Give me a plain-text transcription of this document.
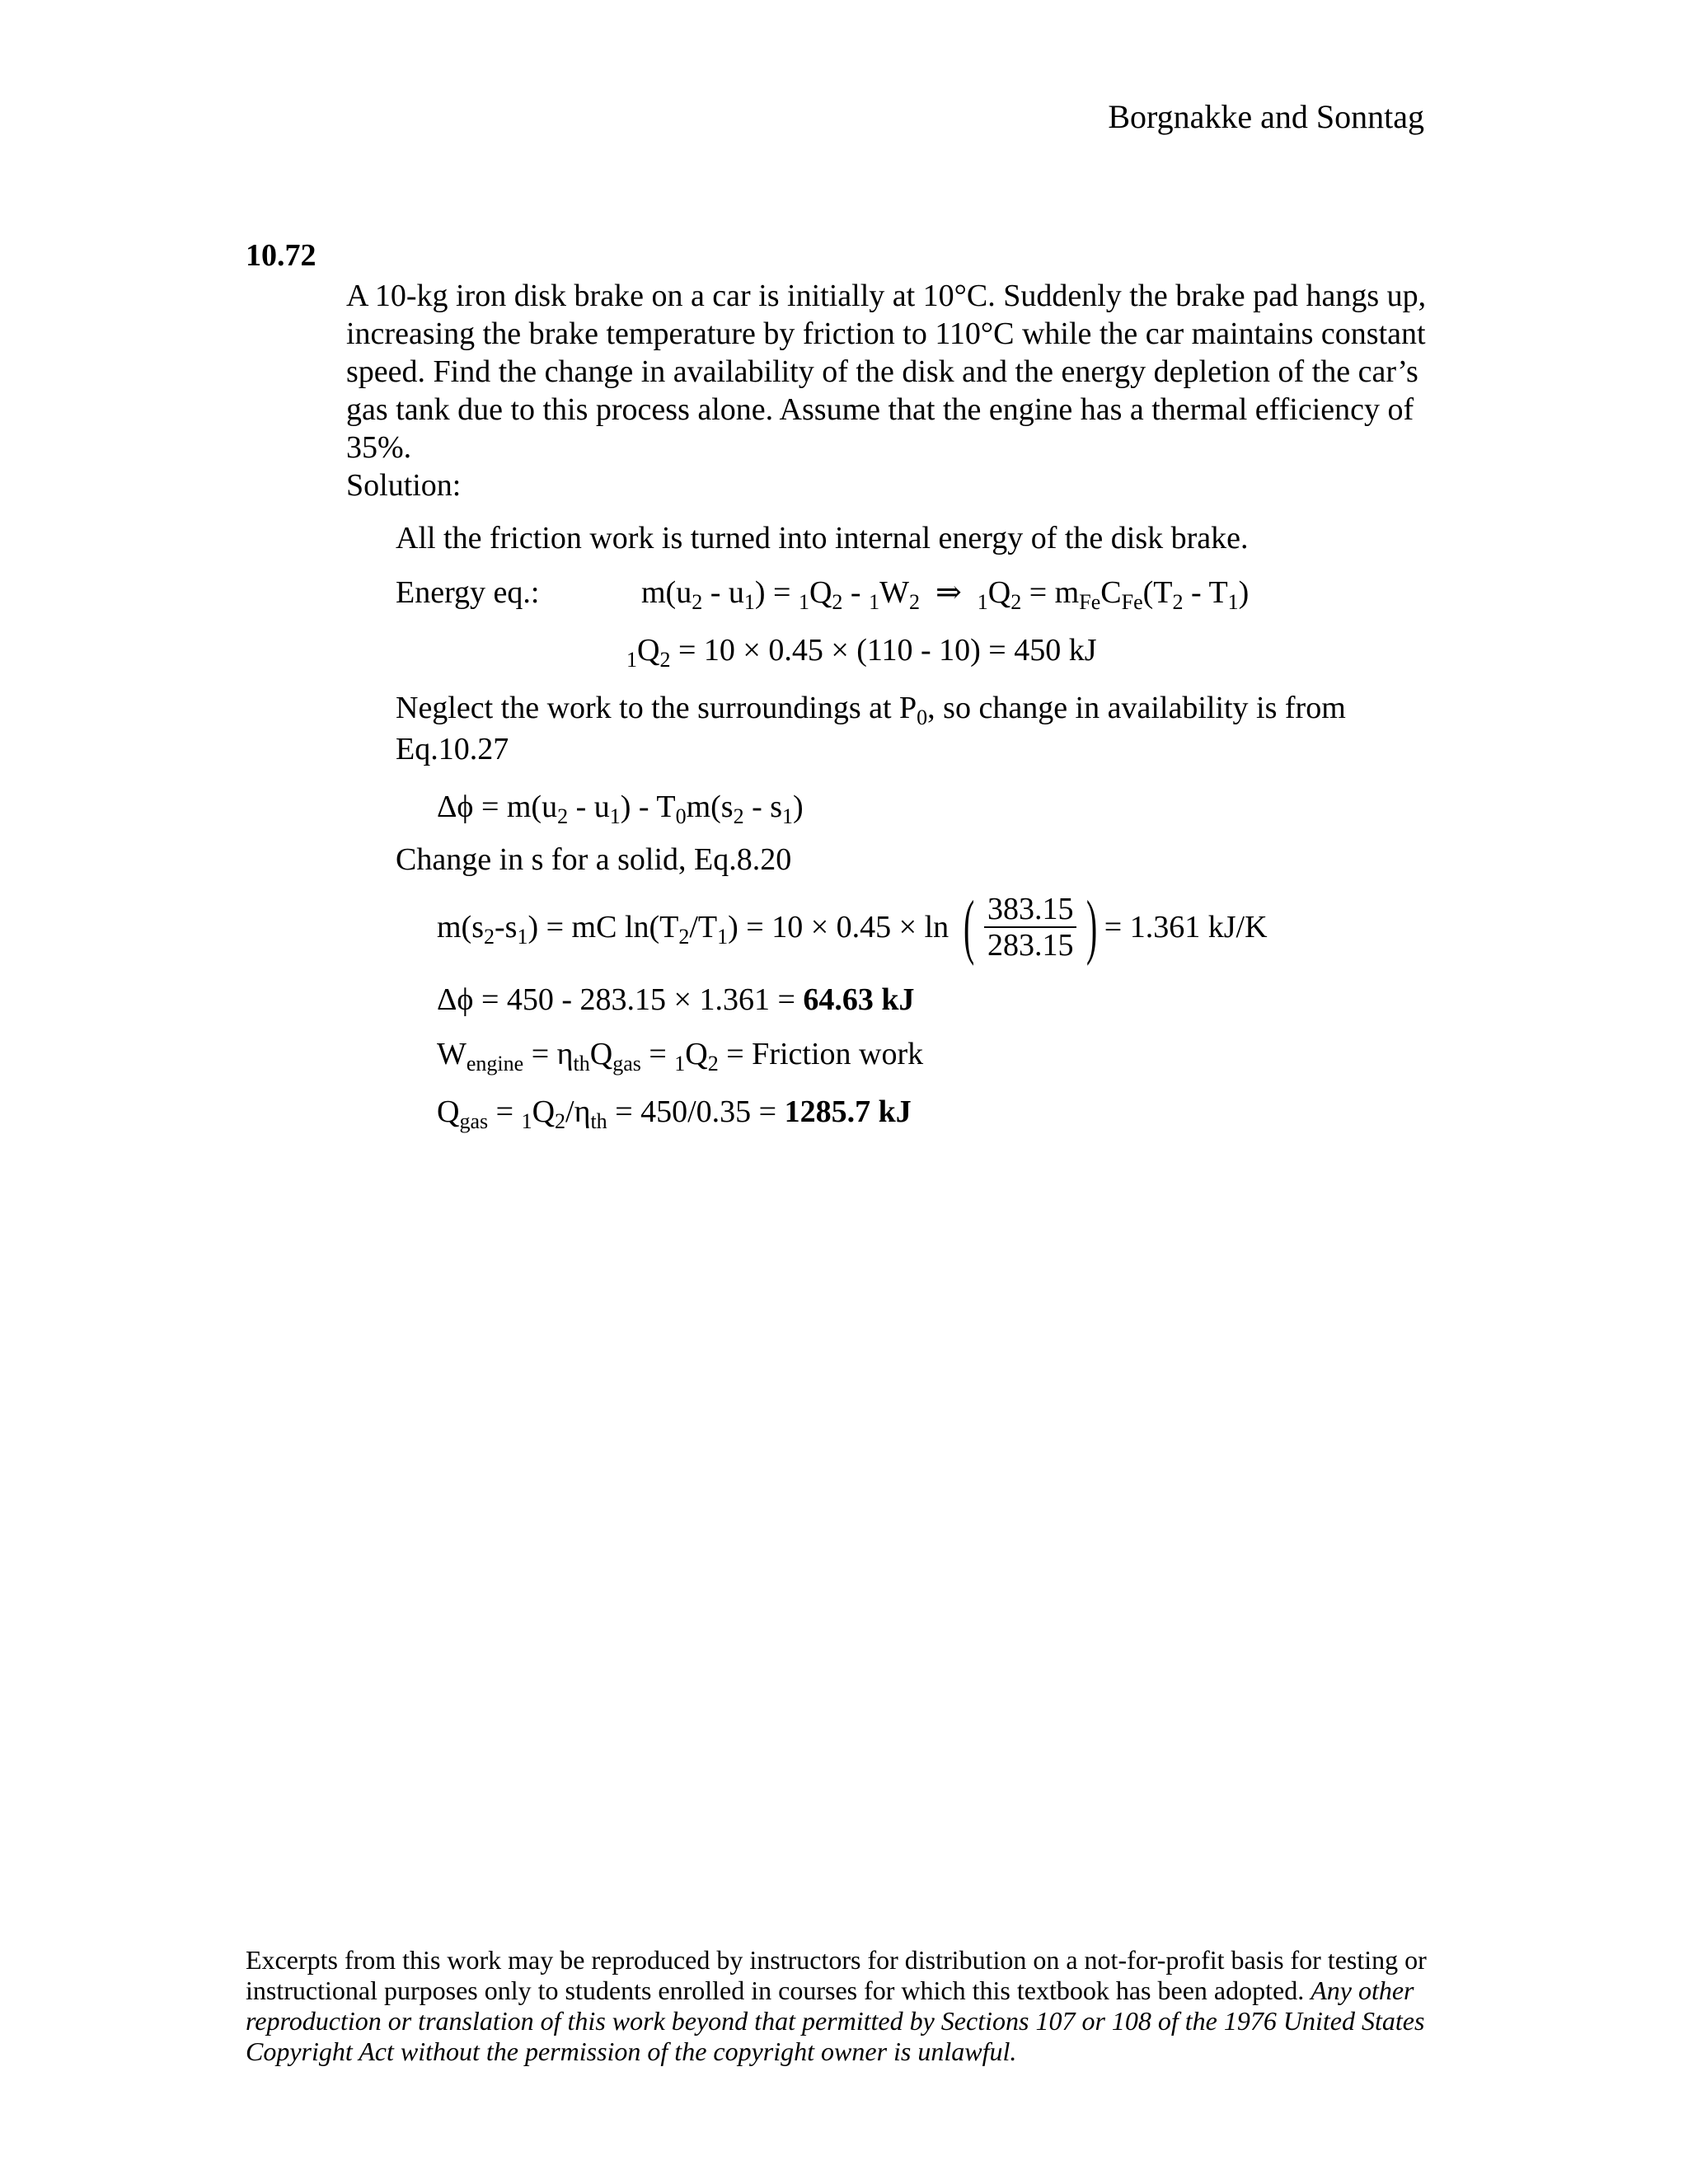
Borgnakke and Sonntag
10.72

A 10-kg iron disk brake on a car is initially at 10°C. Suddenly the brake pad hangs up, increasing the brake temperature by friction to 110°C while the car maintains constant speed. Find the change in availability of the disk and the energy depletion of the car’s gas tank due to this process alone. Assume that the engine has a thermal efficiency of 35%.

Solution:

All the friction work is turned into internal energy of the disk brake.
Energy eq.:	$m(u_2 - u_1) = _1Q_2 - _1W_2$  ⇒  $_1Q_2 = m_{Fe}C_{Fe}(T_2 - T_1)$
$_1Q_2 = 10 \times 0.45 \times (110 - 10) = 450$ kJ
Neglect the work to the surroundings at $P_0$, so change in availability is from
Eq.10.27
$\Delta\phi = m(u_2 - u_1) - T_0m(s_2 - s_1)$
Change in s for a solid, Eq.8.20
$m(s_2-s_1)$ = mC $\ln(T_2/T_1) = 10 \times 0.45 \times \ln$ ( $\frac{383.15}{283.15}$ ) = 1.361 kJ/K
Δϕ = 450 - 283.15 × 1.361 = 64.63 kJ
$W_{engine} = \eta_{th}Q_{gas} = _1Q_2$ = Friction work
$Q_{gas} = _1Q_2/\eta_{th} = 450/0.35 = 1285.7$ kJ
Excerpts from this work may be reproduced by instructors for distribution on a not-for-profit basis for testing or instructional purposes only to students enrolled in courses for which this textbook has been adopted. Any other reproduction or translation of this work beyond that permitted by Sections 107 or 108 of the 1976 United States Copyright Act without the permission of the copyright owner is unlawful.
